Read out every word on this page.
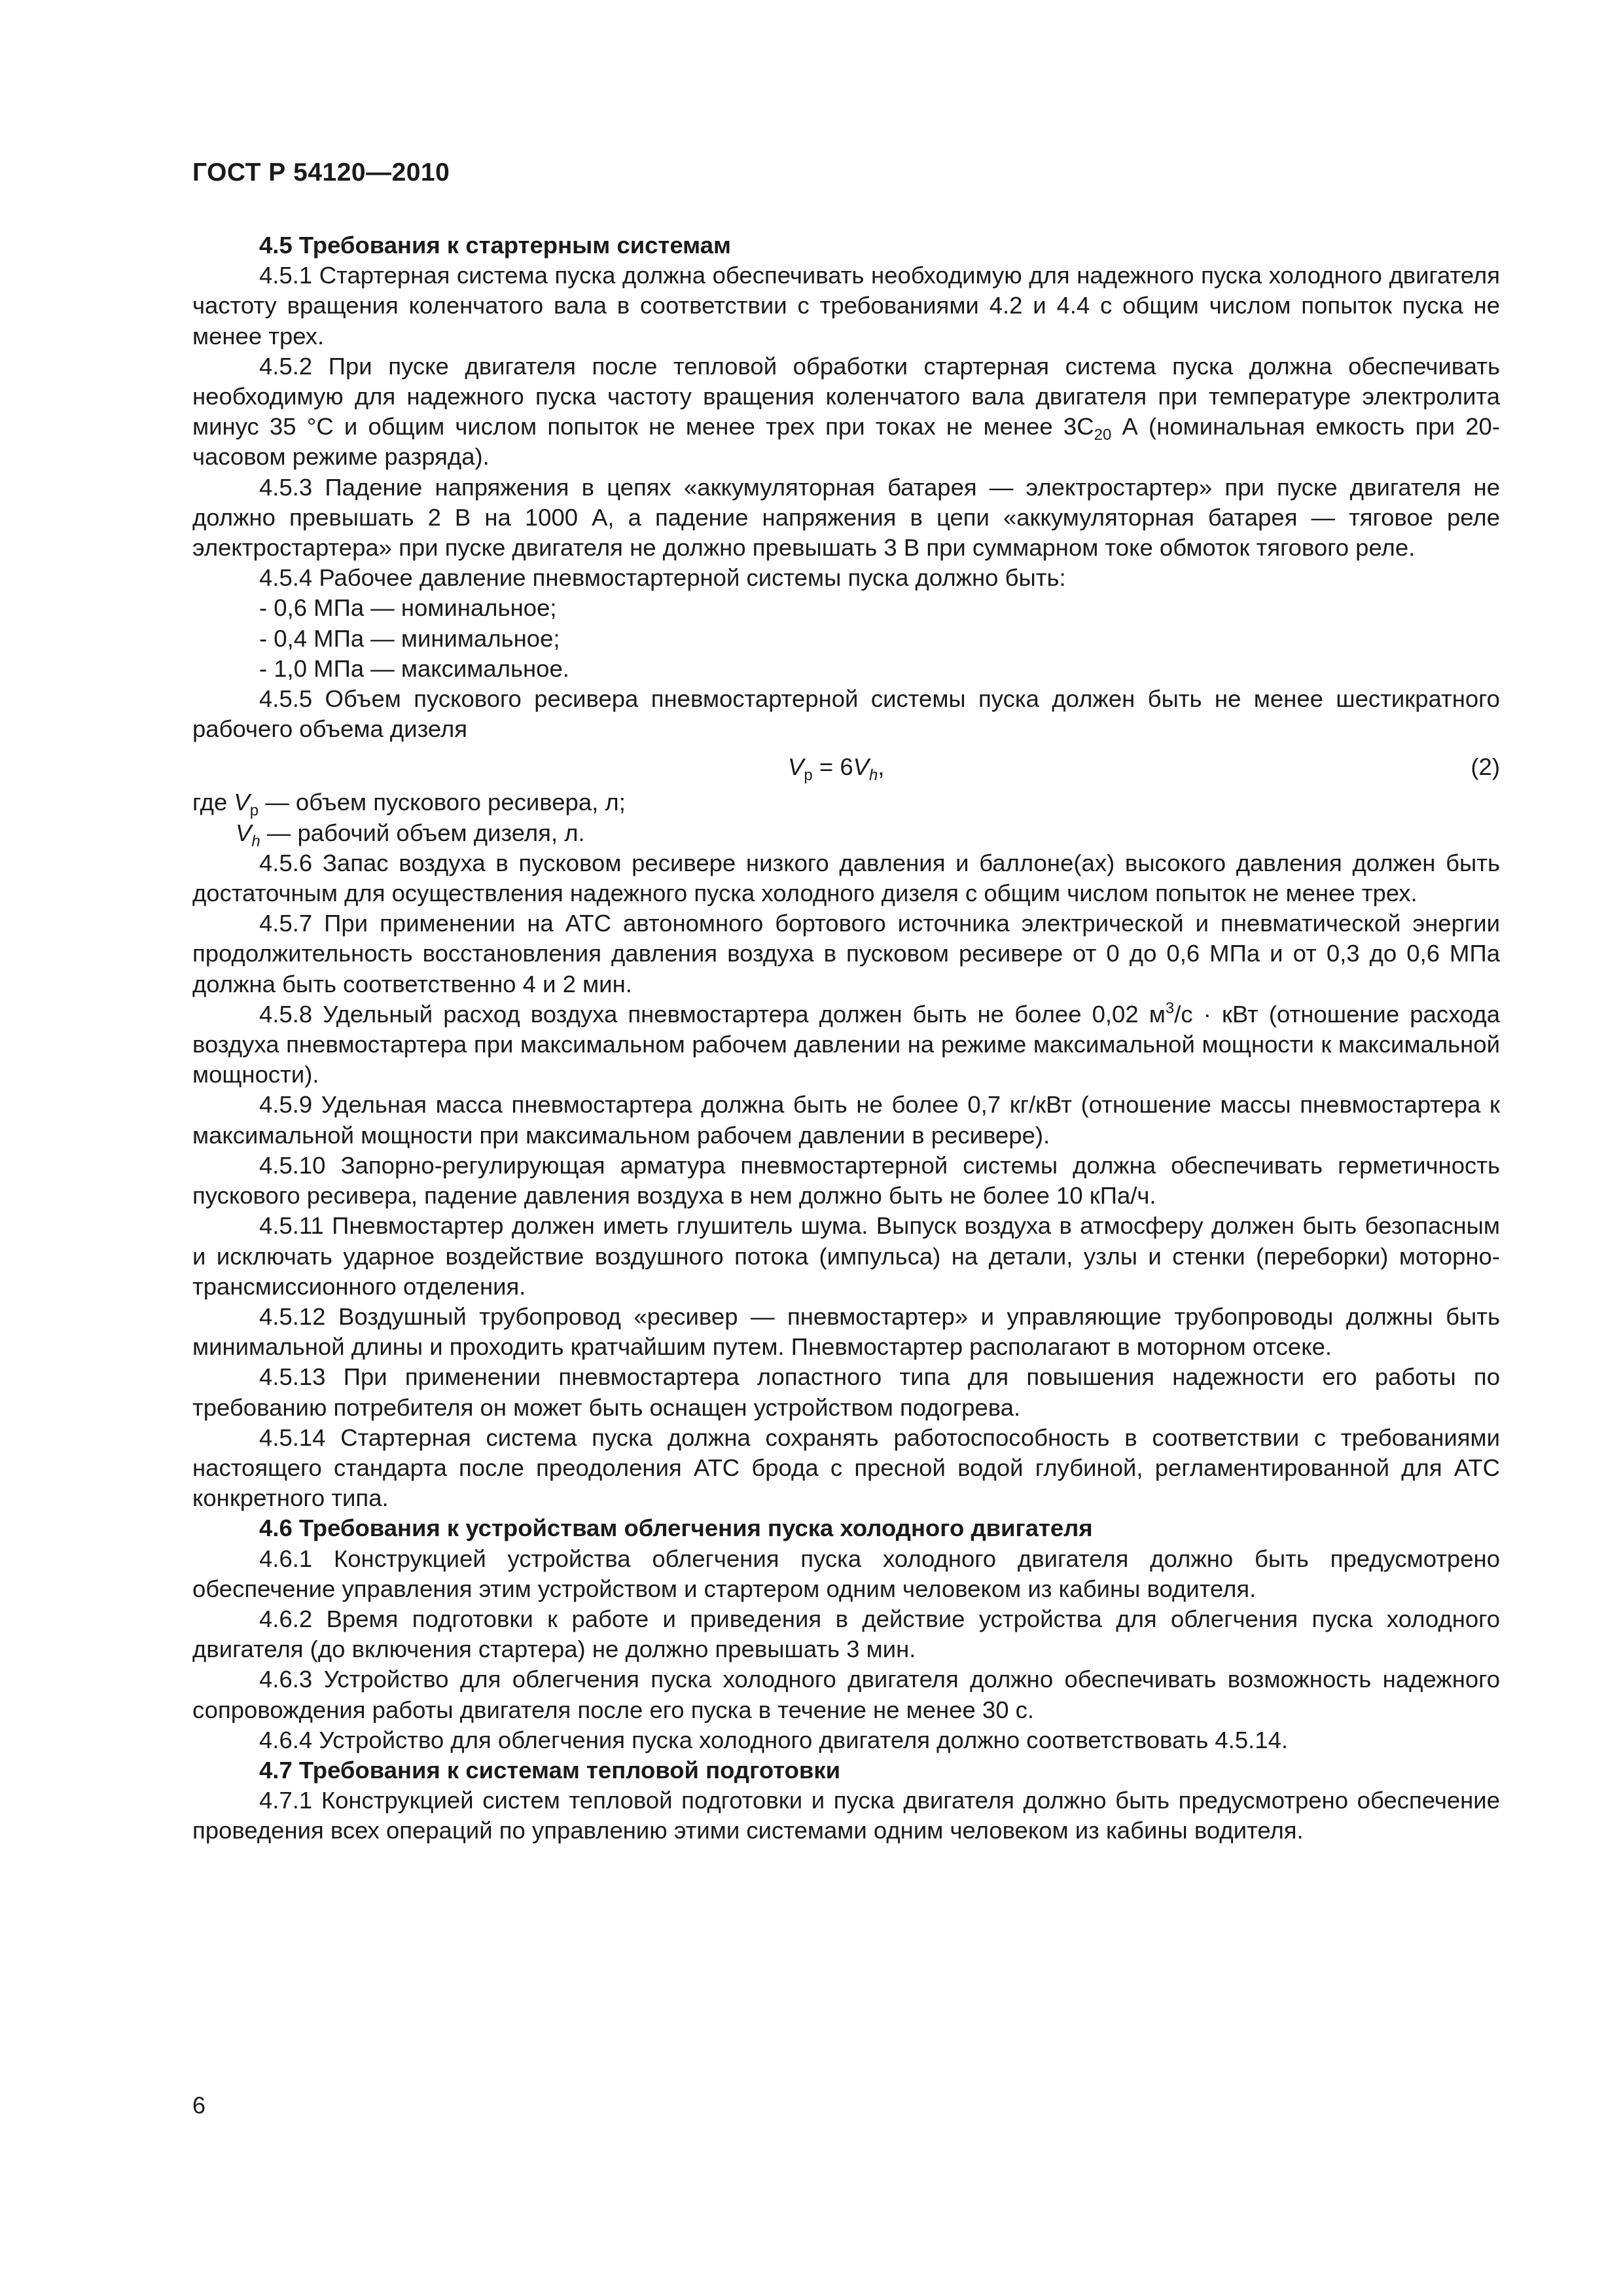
ГОСТ Р 54120—2010

4.5 Требования к стартерным системам

4.5.1 Стартерная система пуска должна обеспечивать необходимую для надежного пуска холодного двигателя частоту вращения коленчатого вала в соответствии с требованиями 4.2 и 4.4 с общим числом попыток пуска не менее трех.

4.5.2 При пуске двигателя после тепловой обработки стартерная система пуска должна обеспечивать необходимую для надежного пуска частоту вращения коленчатого вала двигателя при температуре электролита минус 35 °С и общим числом попыток не менее трех при токах не менее $3С_{20}$ А (номинальная емкость при 20-часовом режиме разряда).

4.5.3 Падение напряжения в цепях «аккумуляторная батарея — электростартер» при пуске двигателя не должно превышать 2 В на 1000 А, а падение напряжения в цепи «аккумуляторная батарея — тяговое реле электростартера» при пуске двигателя не должно превышать 3 В при суммарном токе обмоток тягового реле.

4.5.4 Рабочее давление пневмостартерной системы пуска должно быть:

- 0,6 МПа — номинальное;

- 0,4 МПа — минимальное;

- 1,0 МПа — максимальное.

4.5.5 Объем пускового ресивера пневмостартерной системы пуска должен быть не менее шестикратного рабочего объема дизеля

$V_р = 6V_h$,	(2)

где $V_р$ — объем пускового ресивера, л;

$V_h$ — рабочий объем дизеля, л.

4.5.6 Запас воздуха в пусковом ресивере низкого давления и баллоне(ах) высокого давления должен быть достаточным для осуществления надежного пуска холодного дизеля с общим числом попыток не менее трех.

4.5.7 При применении на АТС автономного бортового источника электрической и пневматической энергии продолжительность восстановления давления воздуха в пусковом ресивере от 0 до 0,6 МПа и от 0,3 до 0,6 МПа должна быть соответственно 4 и 2 мин.

4.5.8 Удельный расход воздуха пневмостартера должен быть не более 0,02 $м^3/с$ · кВт (отношение расхода воздуха пневмостартера при максимальном рабочем давлении на режиме максимальной мощности к максимальной мощности).

4.5.9 Удельная масса пневмостартера должна быть не более 0,7 кг/кВт (отношение массы пневмостартера к максимальной мощности при максимальном рабочем давлении в ресивере).

4.5.10 Запорно-регулирующая арматура пневмостартерной системы должна обеспечивать герметичность пускового ресивера, падение давления воздуха в нем должно быть не более 10 кПа/ч.

4.5.11 Пневмостартер должен иметь глушитель шума. Выпуск воздуха в атмосферу должен быть безопасным и исключать ударное воздействие воздушного потока (импульса) на детали, узлы и стенки (переборки) моторно-трансмиссионного отделения.

4.5.12 Воздушный трубопровод «ресивер — пневмостартер» и управляющие трубопроводы должны быть минимальной длины и проходить кратчайшим путем. Пневмостартер располагают в моторном отсеке.

4.5.13 При применении пневмостартера лопастного типа для повышения надежности его работы по требованию потребителя он может быть оснащен устройством подогрева.

4.5.14 Стартерная система пуска должна сохранять работоспособность в соответствии с требованиями настоящего стандарта после преодоления АТС брода с пресной водой глубиной, регламентированной для АТС конкретного типа.

4.6 Требования к устройствам облегчения пуска холодного двигателя

4.6.1 Конструкцией устройства облегчения пуска холодного двигателя должно быть предусмотрено обеспечение управления этим устройством и стартером одним человеком из кабины водителя.

4.6.2 Время подготовки к работе и приведения в действие устройства для облегчения пуска холодного двигателя (до включения стартера) не должно превышать 3 мин.

4.6.3 Устройство для облегчения пуска холодного двигателя должно обеспечивать возможность надежного сопровождения работы двигателя после его пуска в течение не менее 30 с.

4.6.4 Устройство для облегчения пуска холодного двигателя должно соответствовать 4.5.14.

4.7 Требования к системам тепловой подготовки

4.7.1 Конструкцией систем тепловой подготовки и пуска двигателя должно быть предусмотрено обеспечение проведения всех операций по управлению этими системами одним человеком из кабины водителя.

6
